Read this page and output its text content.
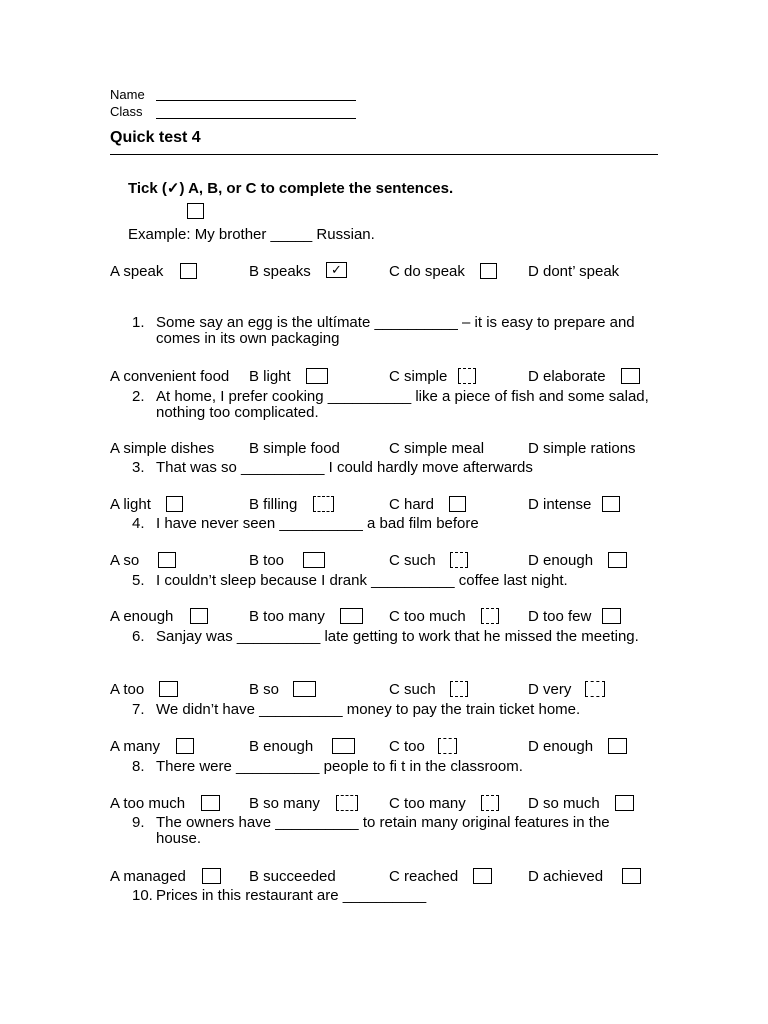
Name
Class
Quick test 4
Tick (✓) A, B, or C to complete the sentences.
Example: My brother _____ Russian.
A speak	B speaks	✓	C do speak	D dont’ speak
1. Some say an egg is the ultímate __________ – it is easy to prepare and comes in its own packaging
A convenient food B light	C simple	D elaborate
2. At home, I prefer cooking __________ like a piece of fish and some salad, nothing too complicated.
A simple dishes B simple food	C simple meal	D simple rations
3. That was so __________ I could hardly move afterwards
A light	B filling	C hard	D intense
4. I have never seen __________ a bad film before
A so	B too	C such	D enough
5. I couldn’t sleep because I drank __________ coffee last night.
A enough	B too many	C too much	D too few
6. Sanjay was __________ late getting to work that he missed the meeting.
A too	B so	C such	D very
7. We didn’t have __________ money to pay the train ticket home.
A many	B enough	C too	D enough
8. There were __________ people to fi t in the classroom.
A too much	B so many	C too many	D so much
9. The owners have __________ to retain many original features in the house.
A managed	B succeeded	C reached	D achieved
10. Prices in this restaurant are __________
